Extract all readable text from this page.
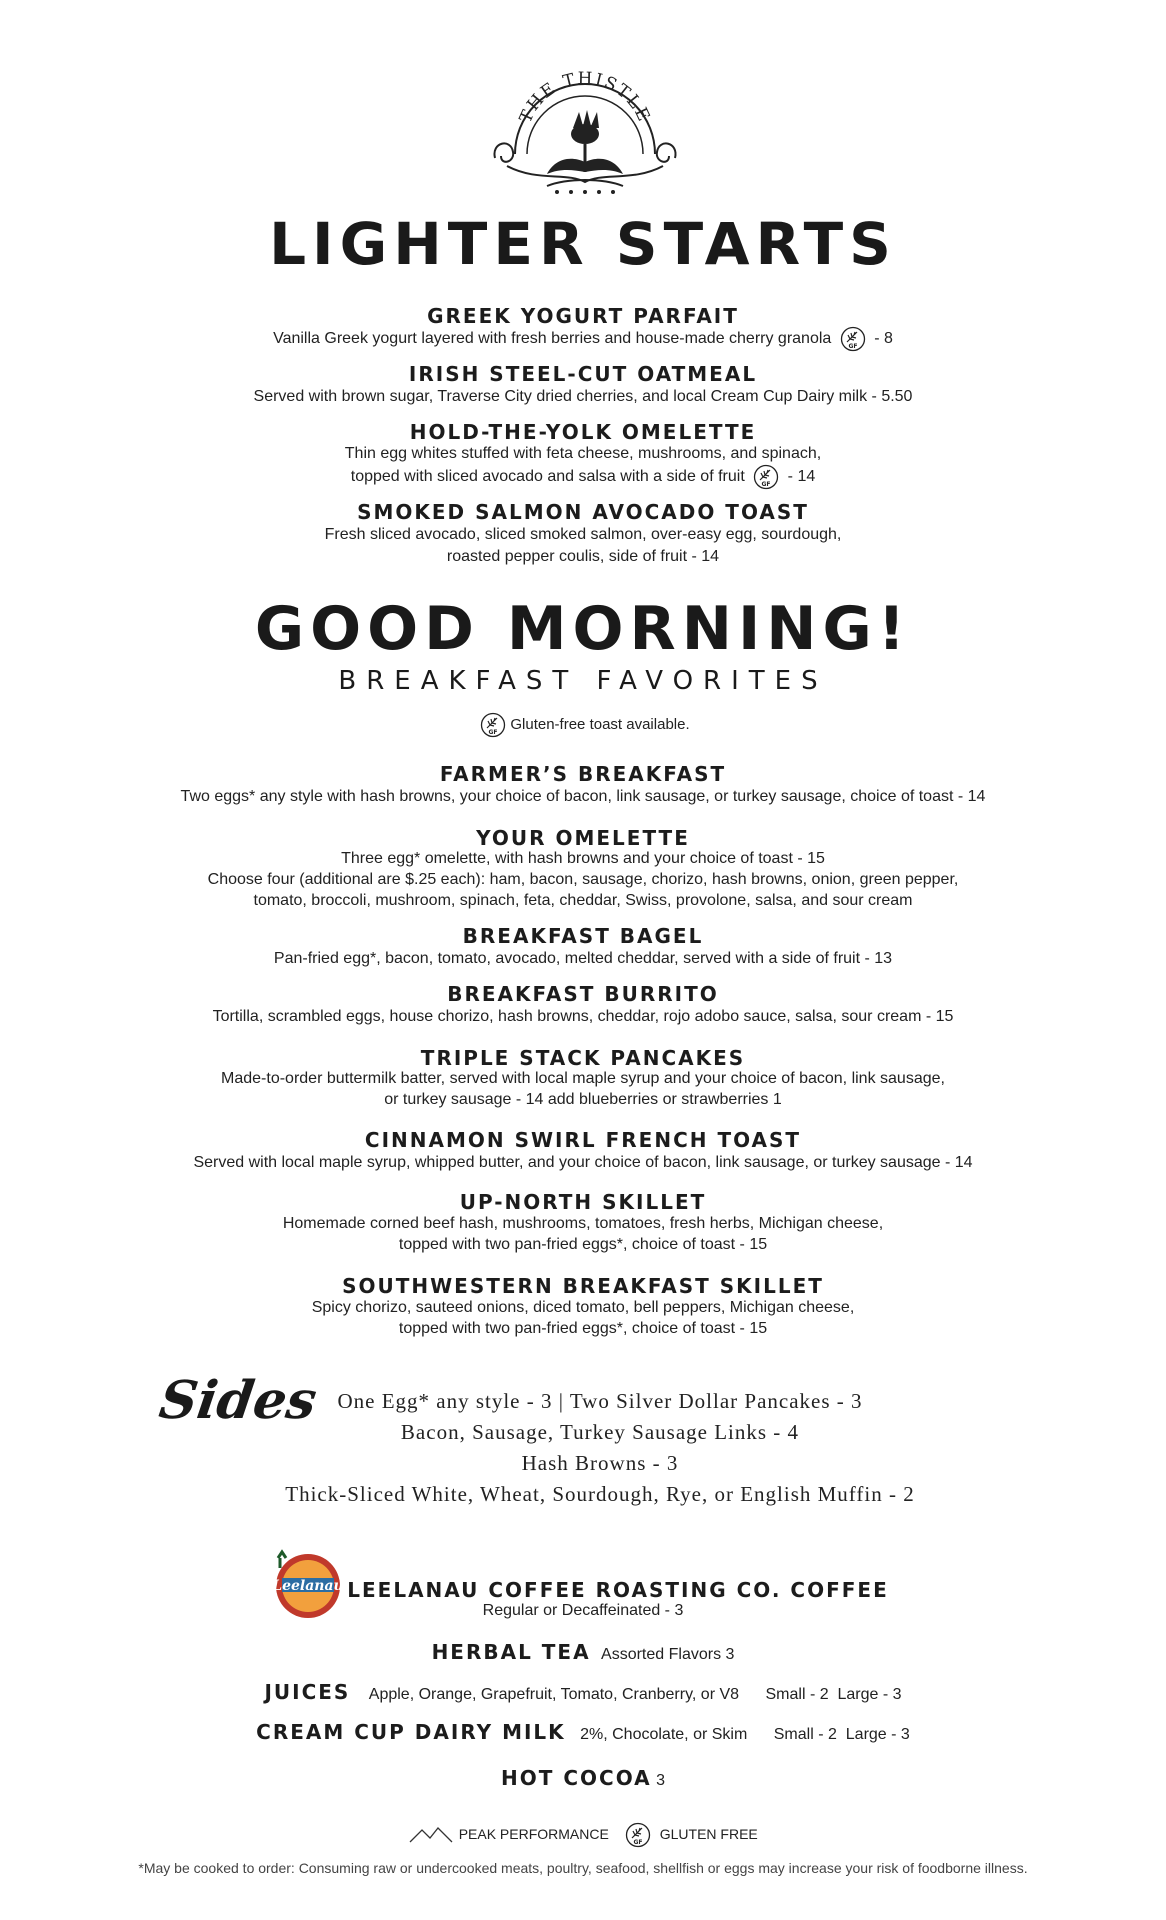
THE THISTLE
LIGHTER STARTS
GREEK YOGURT PARFAIT
Vanilla Greek yogurt layered with fresh berries and house-made cherry granola	GF - 8
IRISH STEEL-CUT OATMEAL
Served with brown sugar, Traverse City dried cherries, and local Cream Cup Dairy milk - 5.50
HOLD-THE-YOLK OMELETTE
Thin egg whites stuffed with feta cheese, mushrooms, and spinach,
topped with sliced avocado and salsa with a side of fruit	GF - 14
SMOKED SALMON AVOCADO TOAST
Fresh sliced avocado, sliced smoked salmon, over-easy egg, sourdough,
roasted pepper coulis, side of fruit - 14
GOOD MORNING!
BREAKFAST FAVORITES
GF Gluten-free toast available.
FARMER’S BREAKFAST
Two eggs* any style with hash browns, your choice of bacon, link sausage, or turkey sausage, choice of toast - 14
YOUR OMELETTE
Three egg* omelette, with hash browns and your choice of toast - 15
Choose four (additional are $.25 each): ham, bacon, sausage, chorizo, hash browns, onion, green pepper,
tomato, broccoli, mushroom, spinach, feta, cheddar, Swiss, provolone, salsa, and sour cream
BREAKFAST BAGEL
Pan-fried egg*, bacon, tomato, avocado, melted cheddar, served with a side of fruit - 13
BREAKFAST BURRITO
Tortilla, scrambled eggs, house chorizo, hash browns, cheddar, rojo adobo sauce, salsa, sour cream - 15
TRIPLE STACK PANCAKES
Made-to-order buttermilk batter, served with local maple syrup and your choice of bacon, link sausage,
or turkey sausage - 14 add blueberries or strawberries 1
CINNAMON SWIRL FRENCH TOAST
Served with local maple syrup, whipped butter, and your choice of bacon, link sausage, or turkey sausage - 14
UP-NORTH SKILLET
Homemade corned beef hash, mushrooms, tomatoes, fresh herbs, Michigan cheese,
topped with two pan-fried eggs*, choice of toast - 15
SOUTHWESTERN BREAKFAST SKILLET
Spicy chorizo, sauteed onions, diced tomato, bell peppers, Michigan cheese,
topped with two pan-fried eggs*, choice of toast - 15
Sides One Egg* any style - 3 | Two Silver Dollar Pancakes - 3
Bacon, Sausage, Turkey Sausage Links - 4
Hash Browns - 3
Thick-Sliced White, Wheat, Sourdough, Rye, or English Muffin - 2
Leelanau LEELANAU COFFEE ROASTING CO. COFFEE
Regular or Decaffeinated - 3
HERBAL TEA Assorted Flavors 3
JUICES Apple, Orange, Grapefruit, Tomato, Cranberry, or V8 Small - 2  Large - 3
CREAM CUP DAIRY MILK 2%, Chocolate, or Skim Small - 2  Large - 3
HOT COCOA 3
PEAK PERFORMANCE
GF
GLUTEN FREE
*May be cooked to order: Consuming raw or undercooked meats, poultry, seafood, shellfish or eggs may increase your risk of foodborne illness.
